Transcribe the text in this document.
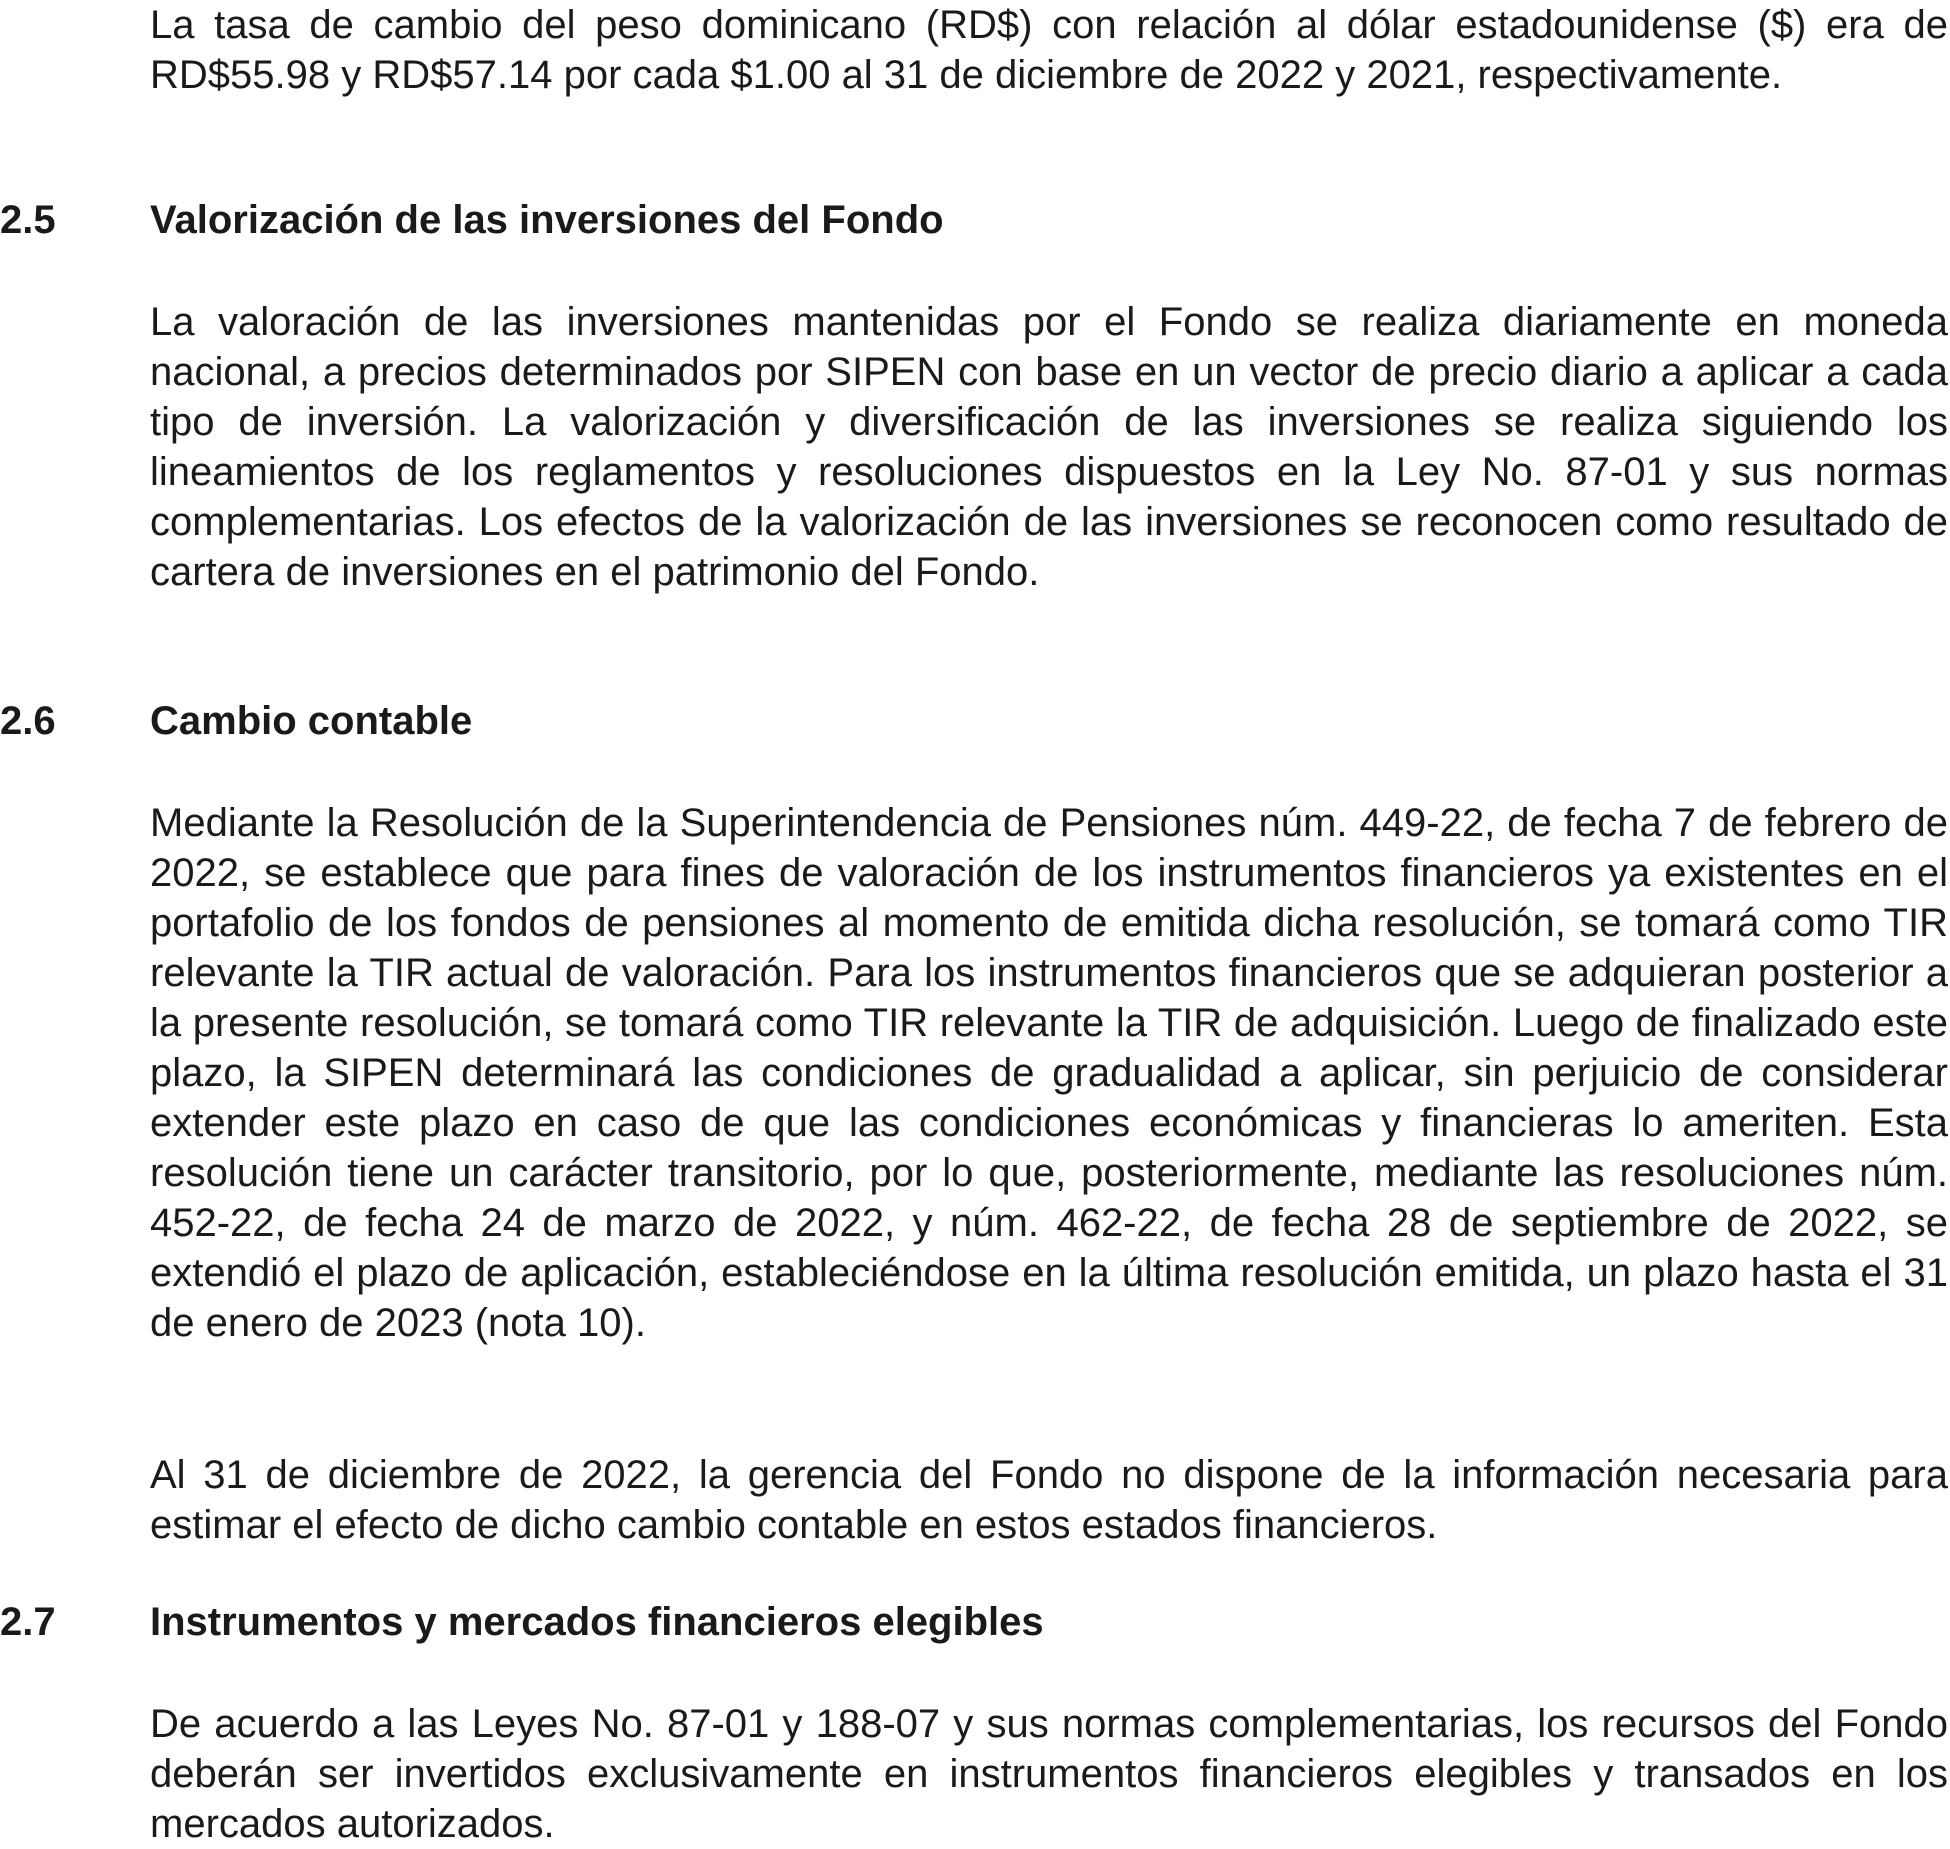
La tasa de cambio del peso dominicano (RD$) con relación al dólar estadounidense ($) era de RD$55.98 y RD$57.14 por cada $1.00 al 31 de diciembre de 2022 y 2021, respectivamente.

2.5 Valorización de las inversiones del Fondo

La valoración de las inversiones mantenidas por el Fondo se realiza diariamente en moneda nacional, a precios determinados por SIPEN con base en un vector de precio diario a aplicar a cada tipo de inversión. La valorización y diversificación de las inversiones se realiza siguiendo los lineamientos de los reglamentos y resoluciones dispuestos en la Ley No. 87-01 y sus normas complementarias. Los efectos de la valorización de las inversiones se reconocen como resultado de cartera de inversiones en el patrimonio del Fondo.

2.6 Cambio contable

Mediante la Resolución de la Superintendencia de Pensiones núm. 449-22, de fecha 7 de febrero de 2022, se establece que para fines de valoración de los instrumentos financieros ya existentes en el portafolio de los fondos de pensiones al momento de emitida dicha resolución, se tomará como TIR relevante la TIR actual de valoración. Para los instrumentos financieros que se adquieran posterior a la presente resolución, se tomará como TIR relevante la TIR de adquisición. Luego de finalizado este plazo, la SIPEN determinará las condiciones de gradualidad a aplicar, sin perjuicio de considerar extender este plazo en caso de que las condiciones económicas y financieras lo ameriten. Esta resolución tiene un carácter transitorio, por lo que, posteriormente, mediante las resoluciones núm. 452-22, de fecha 24 de marzo de 2022, y núm. 462-22, de fecha 28 de septiembre de 2022, se extendió el plazo de aplicación, estableciéndose en la última resolución emitida, un plazo hasta el 31 de enero de 2023 (nota 10).

Al 31 de diciembre de 2022, la gerencia del Fondo no dispone de la información necesaria para estimar el efecto de dicho cambio contable en estos estados financieros.

2.7 Instrumentos y mercados financieros elegibles

De acuerdo a las Leyes No. 87-01 y 188-07 y sus normas complementarias, los recursos del Fondo deberán ser invertidos exclusivamente en instrumentos financieros elegibles y transados en los mercados autorizados.
